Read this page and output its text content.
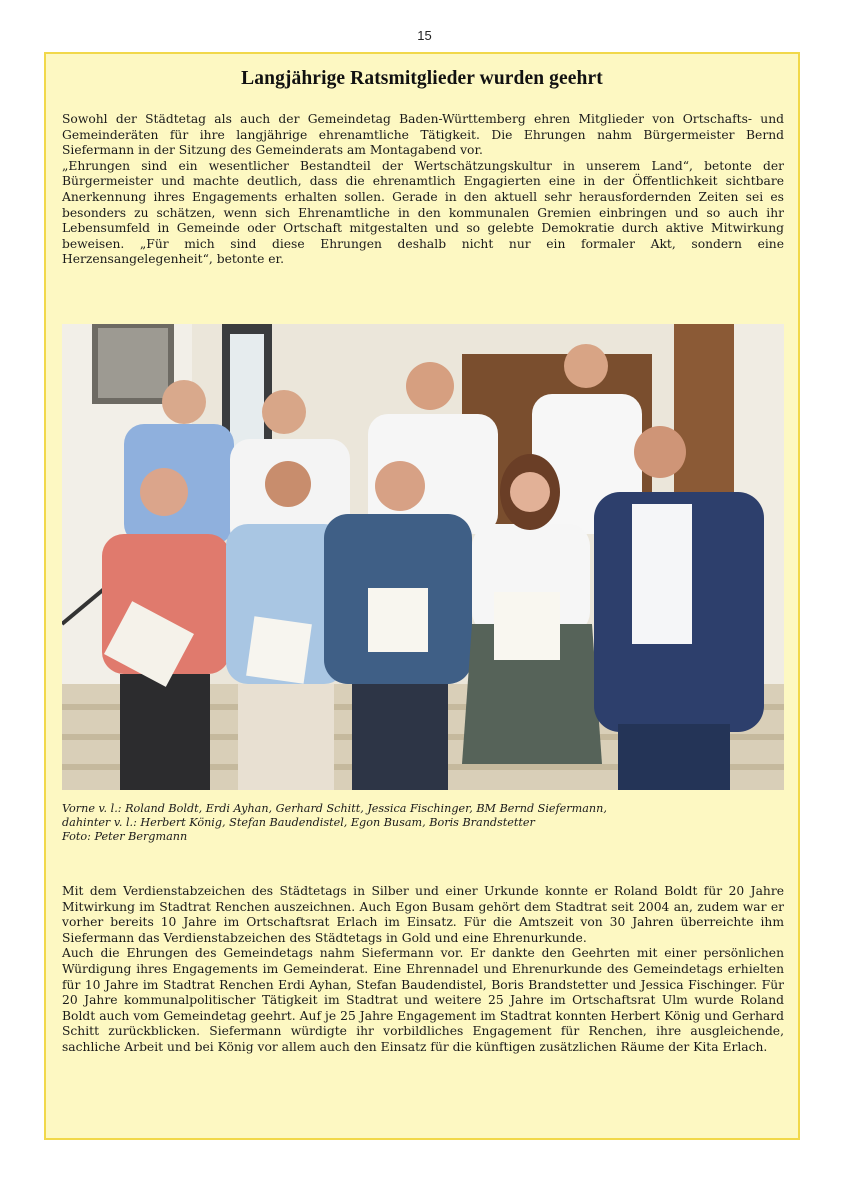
15
Langjährige Ratsmitglieder wurden geehrt

Sowohl der Städtetag als auch der Gemeindetag Baden-Württemberg ehren Mitglieder von Ortschafts- und Gemeinderäten für ihre langjährige ehrenamtliche Tätigkeit. Die Ehrungen nahm Bürgermeister Bernd Siefermann in der Sitzung des Gemeinderats am Montagabend vor.

„Ehrungen sind ein wesentlicher Bestandteil der Wertschätzungskultur in unserem Land“, betonte der Bürgermeister und machte deutlich, dass die ehrenamtlich Engagierten eine in der Öffentlichkeit sichtbare Anerkennung ihres Engagements erhalten sollen. Gerade in den aktuell sehr herausfordernden Zeiten sei es besonders zu schätzen, wenn sich Ehrenamtliche in den kommunalen Gremien einbringen und so auch ihr Lebensumfeld in Gemeinde oder Ortschaft mitgestalten und so gelebte Demokratie durch aktive Mitwirkung beweisen. „Für mich sind diese Ehrungen deshalb nicht nur ein formaler Akt, sondern eine Herzensangelegenheit“, betonte er.

Vorne v. l.: Roland Boldt, Erdi Ayhan, Gerhard Schitt, Jessica Fischinger, BM Bernd Siefermann,
dahinter v. l.: Herbert König, Stefan Baudendistel, Egon Busam, Boris Brandstetter
Foto: Peter Bergmann

Mit dem Verdienstabzeichen des Städtetags in Silber und einer Urkunde konnte er Roland Boldt für 20 Jahre Mitwirkung im Stadtrat Renchen auszeichnen. Auch Egon Busam gehört dem Stadtrat seit 2004 an, zudem war er vorher bereits 10 Jahre im Ortschaftsrat Erlach im Einsatz. Für die Amtszeit von 30 Jahren überreichte ihm Siefermann das Verdienstabzeichen des Städtetags in Gold und eine Ehrenurkunde.

Auch die Ehrungen des Gemeindetags nahm Siefermann vor. Er dankte den Geehrten mit einer persönlichen Würdigung ihres Engagements im Gemeinderat. Eine Ehrennadel und Ehrenurkunde des Gemeindetags erhielten für 10 Jahre im Stadtrat Renchen Erdi Ayhan, Stefan Baudendistel, Boris Brandstetter und Jessica Fischinger. Für 20 Jahre kommunalpolitischer Tätigkeit im Stadtrat und weitere 25 Jahre im Ortschaftsrat Ulm wurde Roland Boldt auch vom Gemeindetag geehrt. Auf je 25 Jahre Engagement im Stadtrat konnten Herbert König und Gerhard Schitt zurückblicken. Siefermann würdigte ihr vorbildliches Engagement für Renchen, ihre ausgleichende, sachliche Arbeit und bei König vor allem auch den Einsatz für die künftigen zusätzlichen Räume der Kita Erlach.
